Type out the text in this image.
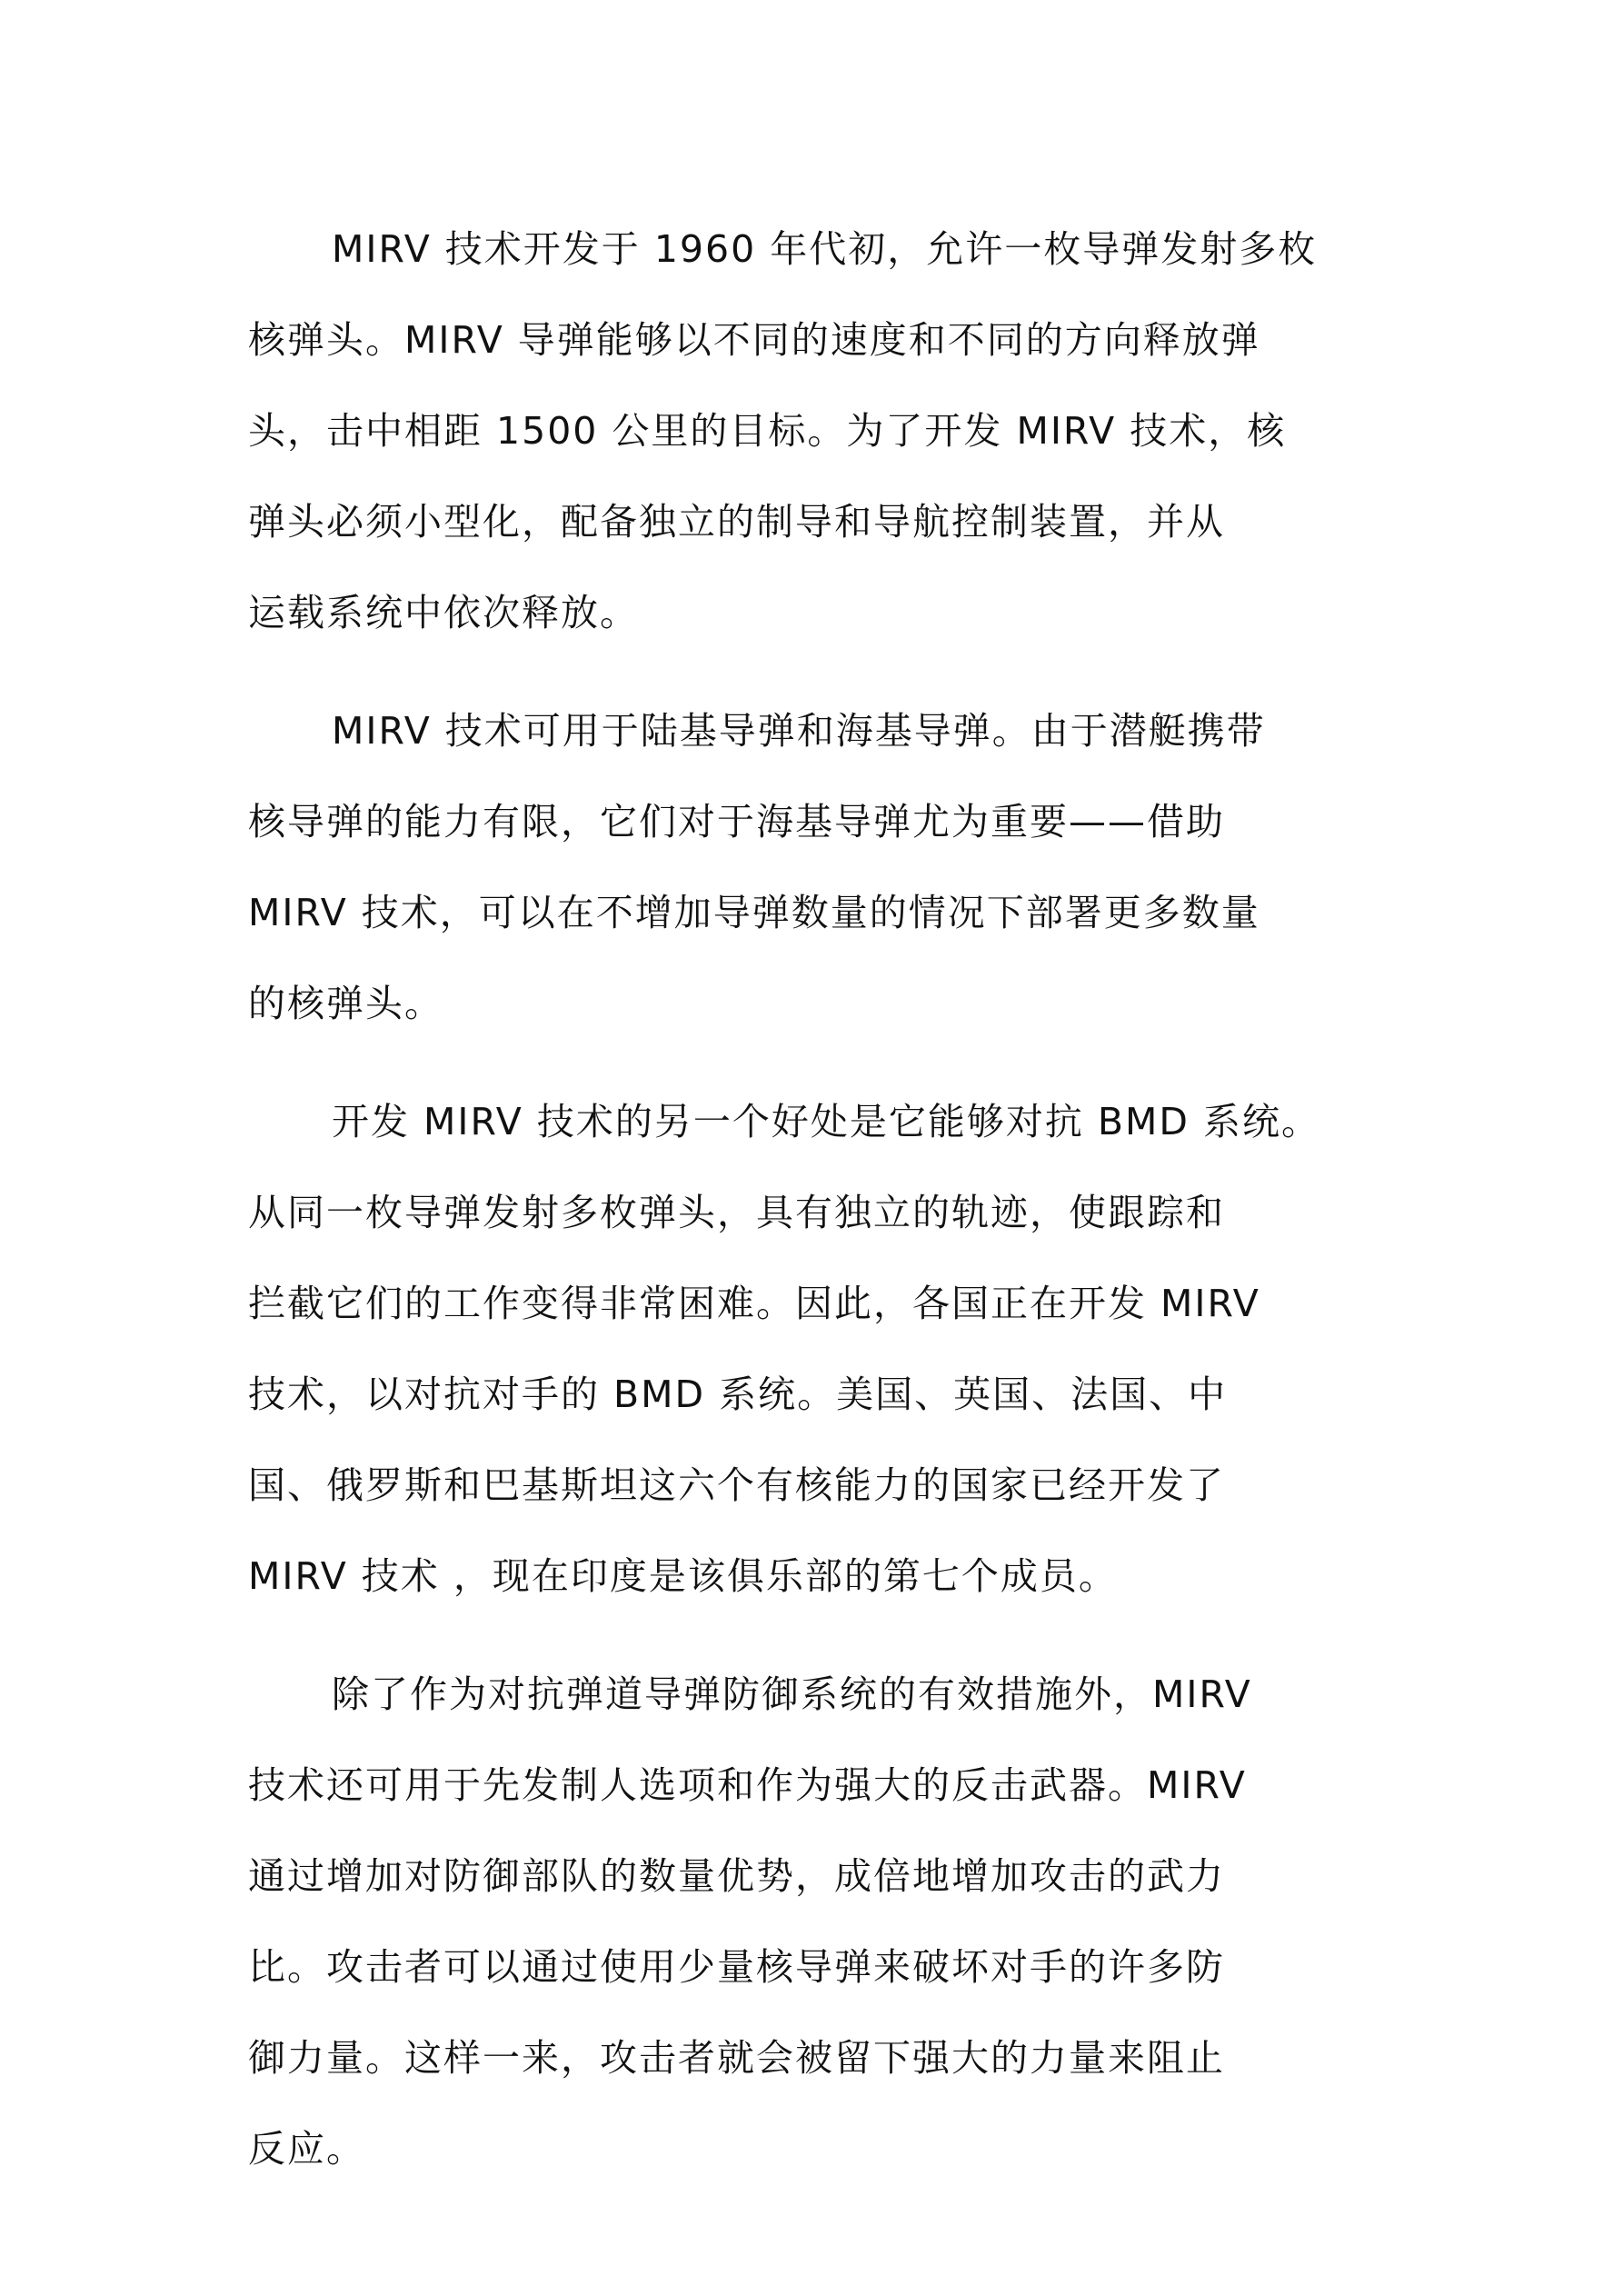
MIRV 技术开发于 1960 年代初，允许一枚导弹发射多枚
核弹头。MIRV 导弹能够以不同的速度和不同的方向释放弹
头，击中相距 1500 公里的目标。为了开发 MIRV 技术，核
弹头必须小型化，配备独立的制导和导航控制装置，并从
运载系统中依次释放。
MIRV 技术可用于陆基导弹和海基导弹。由于潜艇携带
核导弹的能力有限，它们对于海基导弹尤为重要——借助
MIRV 技术，可以在不增加导弹数量的情况下部署更多数量
的核弹头。
开发 MIRV 技术的另一个好处是它能够对抗 BMD 系统。
从同一枚导弹发射多枚弹头，具有独立的轨迹，使跟踪和
拦截它们的工作变得非常困难。因此，各国正在开发 MIRV
技术，以对抗对手的 BMD 系统。美国、英国、法国、中
国、俄罗斯和巴基斯坦这六个有核能力的国家已经开发了
MIRV 技术 ，现在印度是该俱乐部的第七个成员。
除了作为对抗弹道导弹防御系统的有效措施外，MIRV
技术还可用于先发制人选项和作为强大的反击武器。MIRV
通过增加对防御部队的数量优势，成倍地增加攻击的武力
比。攻击者可以通过使用少量核导弹来破坏对手的许多防
御力量。这样一来，攻击者就会被留下强大的力量来阻止
反应。
